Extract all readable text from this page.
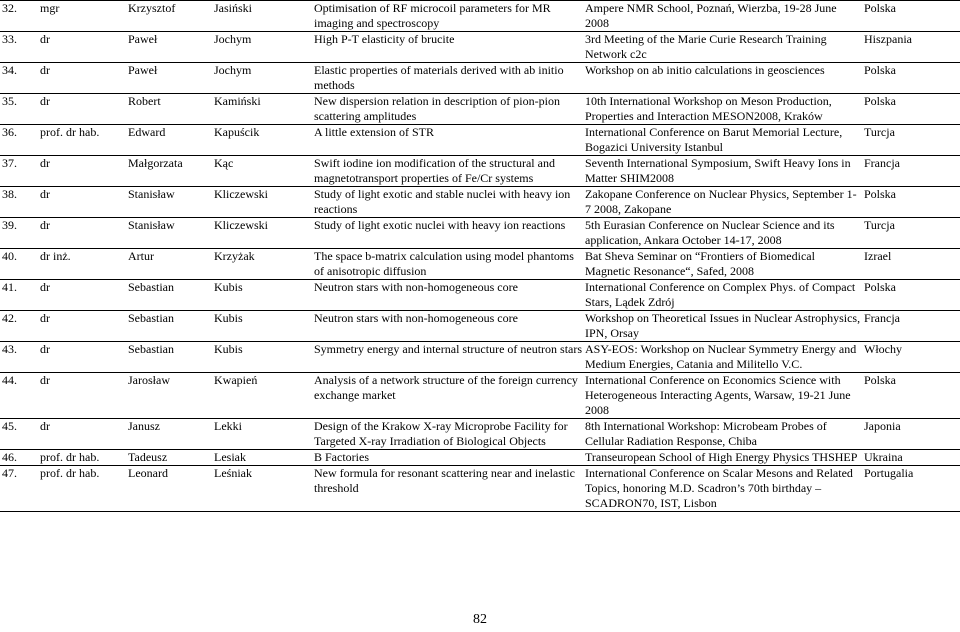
32.	mgr	Krzysztof	Jasiński	Optimisation of RF microcoil parameters for MR imaging and spectroscopy	Ampere NMR School, Poznań, Wierzba, 19-28 June 2008	Polska
33.	dr	Paweł	Jochym	High P-T elasticity of brucite	3rd Meeting of the Marie Curie Research Training Network c2c	Hiszpania
34.	dr	Paweł	Jochym	Elastic properties of materials derived with ab initio methods	Workshop on ab initio calculations in geosciences	Polska
35.	dr	Robert	Kamiński	New dispersion relation in description of pion-pion scattering amplitudes	10th International Workshop on Meson Production, Properties and Interaction MESON2008, Kraków	Polska
36.	prof. dr hab.	Edward	Kapuścik	A little extension of STR	International Conference on Barut Memorial Lecture, Bogazici University Istanbul	Turcja
37.	dr	Małgorzata	Kąc	Swift iodine ion modification of the structural and magnetotransport properties of Fe/Cr systems	Seventh International Symposium, Swift Heavy Ions in Matter SHIM2008	Francja
38.	dr	Stanisław	Kliczewski	Study of light exotic and stable nuclei with heavy ion reactions	Zakopane Conference on Nuclear Physics, September 1-7 2008, Zakopane	Polska
39.	dr	Stanisław	Kliczewski	Study of light exotic nuclei with heavy ion reactions	5th Eurasian Conference on Nuclear Science and its application, Ankara October 14-17, 2008	Turcja
40.	dr inż.	Artur	Krzyżak	The space b-matrix calculation using model phantoms of anisotropic diffusion	Bat Sheva Seminar on “Frontiers of Biomedical Magnetic Resonance“, Safed, 2008	Izrael
41.	dr	Sebastian	Kubis	Neutron stars with non-homogeneous core	International Conference on Complex Phys. of Compact Stars, Lądek Zdrój	Polska
42.	dr	Sebastian	Kubis	Neutron stars with non-homogeneous core	Workshop on Theoretical Issues in Nuclear Astrophysics, IPN, Orsay	Francja
43.	dr	Sebastian	Kubis	Symmetry energy and internal structure of neutron stars	ASY-EOS: Workshop on Nuclear Symmetry Energy and Medium Energies, Catania and Militello V.C.	Włochy
44.	dr	Jarosław	Kwapień	Analysis of a network structure of the foreign currency exchange market	International Conference on Economics Science with Heterogeneous Interacting Agents, Warsaw, 19-21 June 2008	Polska
45.	dr	Janusz	Lekki	Design of the Krakow X-ray Microprobe Facility for Targeted X-ray Irradiation of Biological Objects	8th International Workshop: Microbeam Probes of Cellular Radiation Response, Chiba	Japonia
46.	prof. dr hab.	Tadeusz	Lesiak	B Factories	Transeuropean School of High Energy Physics THSHEP	Ukraina
47.	prof. dr hab.	Leonard	Leśniak	New formula for resonant scattering near and inelastic threshold	International Conference on Scalar Mesons and Related Topics, honoring M.D. Scadron’s 70th birthday – SCADRON70, IST, Lisbon	Portugalia
82
